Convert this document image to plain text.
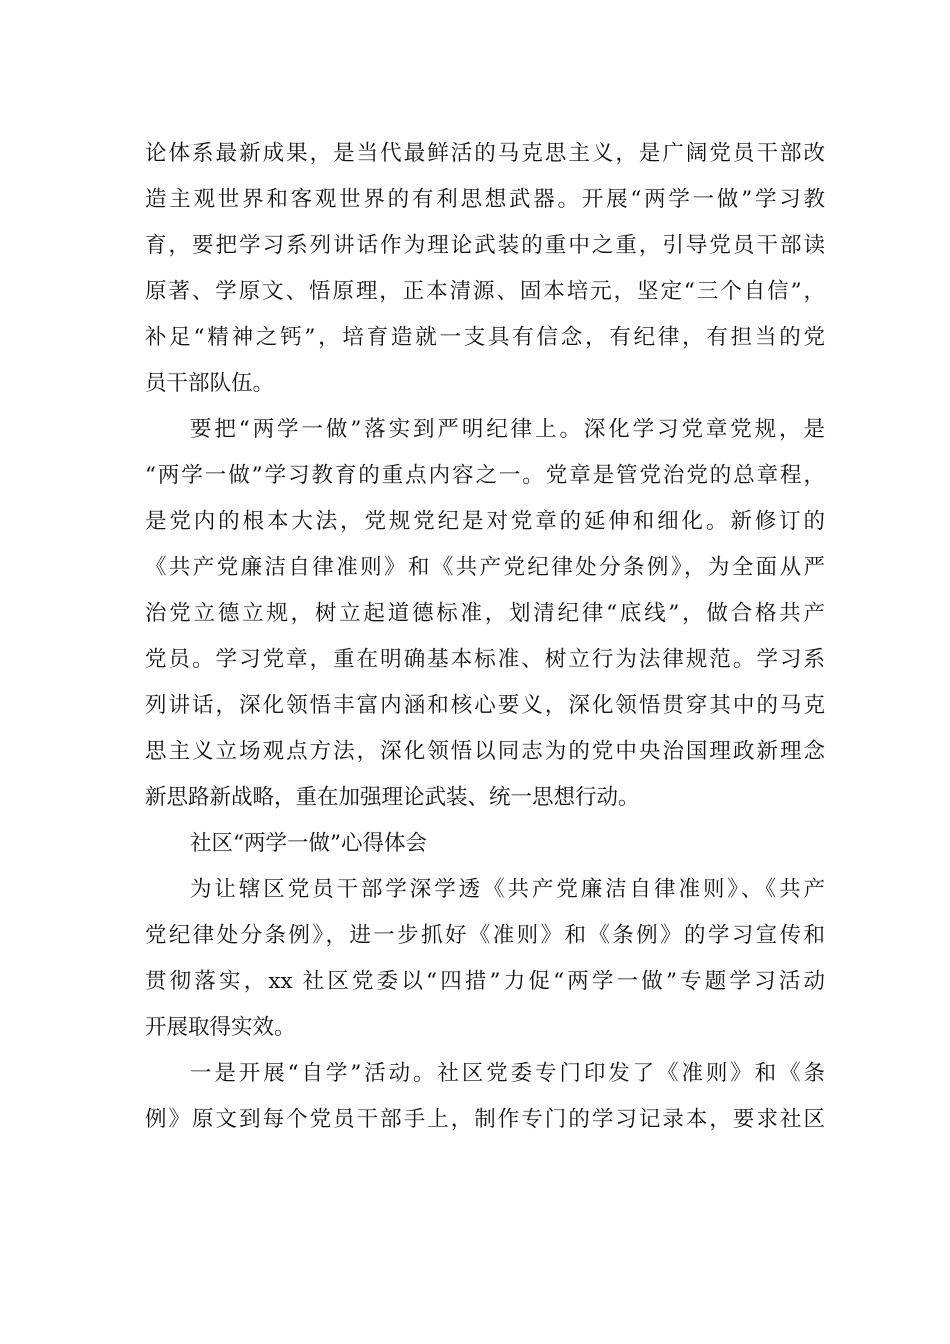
论体系最新成果，是当代最鲜活的马克思主义，是广阔党员干部改
造主观世界和客观世界的有利思想武器。开展“两学一做”学习教
育，要把学习系列讲话作为理论武装的重中之重，引导党员干部读
原著、学原文、悟原理，正本清源、固本培元，坚定“三个自信”，
补足“精神之钙”，培育造就一支具有信念，有纪律，有担当的党
员干部队伍。
要把“两学一做”落实到严明纪律上。深化学习党章党规，是
“两学一做”学习教育的重点内容之一。党章是管党治党的总章程，
是党内的根本大法，党规党纪是对党章的延伸和细化。新修订的
《共产党廉洁自律准则》和《共产党纪律处分条例》，为全面从严
治党立德立规，树立起道德标准，划清纪律“底线”，做合格共产
党员。学习党章，重在明确基本标准、树立行为法律规范。学习系
列讲话，深化领悟丰富内涵和核心要义，深化领悟贯穿其中的马克
思主义立场观点方法，深化领悟以同志为的党中央治国理政新理念
新思路新战略，重在加强理论武装、统一思想行动。
社区“两学一做”心得体会
为让辖区党员干部学深学透《共产党廉洁自律准则》、《共产
党纪律处分条例》，进一步抓好《准则》和《条例》的学习宣传和
贯彻落实，xx 社区党委以“四措”力促“两学一做”专题学习活动
开展取得实效。
一是开展“自学”活动。社区党委专门印发了《准则》和《条
例》原文到每个党员干部手上，制作专门的学习记录本，要求社区
